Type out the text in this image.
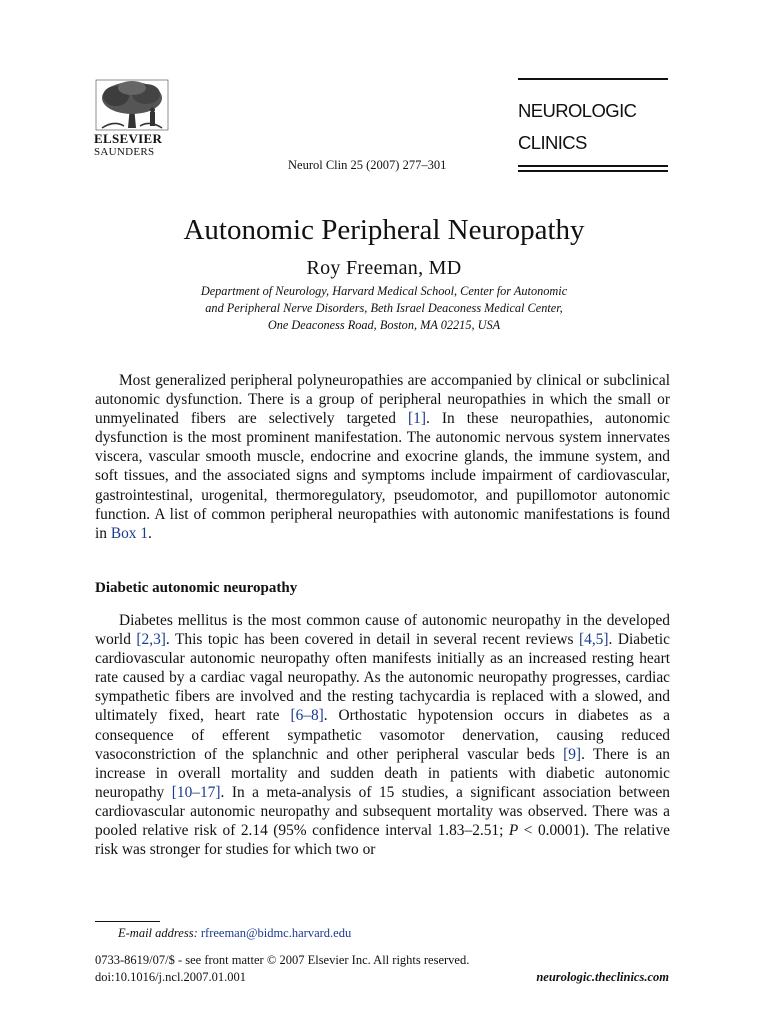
ELSEVIER
SAUNDERS
Neurol Clin 25 (2007) 277–301
NEUROLOGIC
CLINICS
Autonomic Peripheral Neuropathy
Roy Freeman, MD
Department of Neurology, Harvard Medical School, Center for Autonomic
and Peripheral Nerve Disorders, Beth Israel Deaconess Medical Center,
One Deaconess Road, Boston, MA 02215, USA
Most generalized peripheral polyneuropathies are accompanied by clinical or subclinical autonomic dysfunction. There is a group of peripheral neuropathies in which the small or unmyelinated fibers are selectively targeted [1]. In these neuropathies, autonomic dysfunction is the most prominent manifestation. The autonomic nervous system innervates viscera, vascular smooth muscle, endocrine and exocrine glands, the immune system, and soft tissues, and the associated signs and symptoms include impairment of cardiovascular, gastrointestinal, urogenital, thermoregulatory, pseudomotor, and pupillomotor autonomic function. A list of common peripheral neuropathies with autonomic manifestations is found in Box 1.
Diabetic autonomic neuropathy
Diabetes mellitus is the most common cause of autonomic neuropathy in the developed world [2,3]. This topic has been covered in detail in several recent reviews [4,5]. Diabetic cardiovascular autonomic neuropathy often manifests initially as an increased resting heart rate caused by a cardiac vagal neuropathy. As the autonomic neuropathy progresses, cardiac sympathetic fibers are involved and the resting tachycardia is replaced with a slowed, and ultimately fixed, heart rate [6–8]. Orthostatic hypotension occurs in diabetes as a consequence of efferent sympathetic vasomotor denervation, causing reduced vasoconstriction of the splanchnic and other peripheral vascular beds [9]. There is an increase in overall mortality and sudden death in patients with diabetic autonomic neuropathy [10–17]. In a meta-analysis of 15 studies, a significant association between cardiovascular autonomic neuropathy and subsequent mortality was observed. There was a pooled relative risk of 2.14 (95% confidence interval 1.83–2.51; P < 0.0001). The relative risk was stronger for studies for which two or
E-mail address: rfreeman@bidmc.harvard.edu
0733-8619/07/$ - see front matter © 2007 Elsevier Inc. All rights reserved.
doi:10.1016/j.ncl.2007.01.001	neurologic.theclinics.com
